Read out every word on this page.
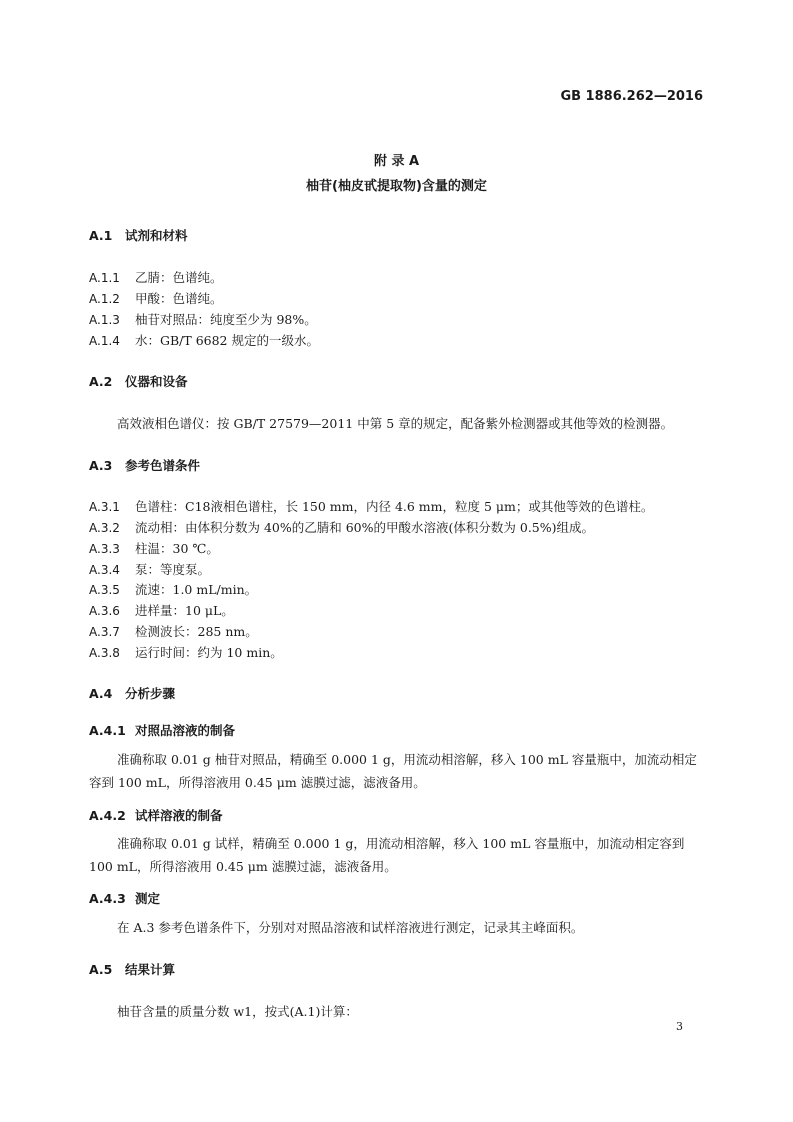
GB 1886.262—2016
附 录 A
柚苷(柚皮甙提取物)含量的测定
A.1 试剂和材料
A.1.1 乙腈：色谱纯。
A.1.2 甲酸：色谱纯。
A.1.3 柚苷对照品：纯度至少为 98%。
A.1.4 水：GB/T 6682 规定的一级水。
A.2 仪器和设备
高效液相色谱仪：按 GB/T 27579—2011 中第 5 章的规定，配备紫外检测器或其他等效的检测器。
A.3 参考色谱条件
A.3.1 色谱柱：C18液相色谱柱，长 150 mm，内径 4.6 mm，粒度 5 μm；或其他等效的色谱柱。
A.3.2 流动相：由体积分数为 40%的乙腈和 60%的甲酸水溶液(体积分数为 0.5%)组成。
A.3.3 柱温：30 ℃。
A.3.4 泵：等度泵。
A.3.5 流速：1.0 mL/min。
A.3.6 进样量：10 μL。
A.3.7 检测波长：285 nm。
A.3.8 运行时间：约为 10 min。
A.4 分析步骤
A.4.1 对照品溶液的制备
准确称取 0.01 g 柚苷对照品，精确至 0.000 1 g，用流动相溶解，移入 100 mL 容量瓶中，加流动相定容到 100 mL，所得溶液用 0.45 μm 滤膜过滤，滤液备用。
A.4.2 试样溶液的制备
准确称取 0.01 g 试样，精确至 0.000 1 g，用流动相溶解，移入 100 mL 容量瓶中，加流动相定容到 100 mL，所得溶液用 0.45 μm 滤膜过滤，滤液备用。
A.4.3 测定
在 A.3 参考色谱条件下，分别对对照品溶液和试样溶液进行测定，记录其主峰面积。
A.5 结果计算
柚苷含量的质量分数 w1，按式(A.1)计算：
3
